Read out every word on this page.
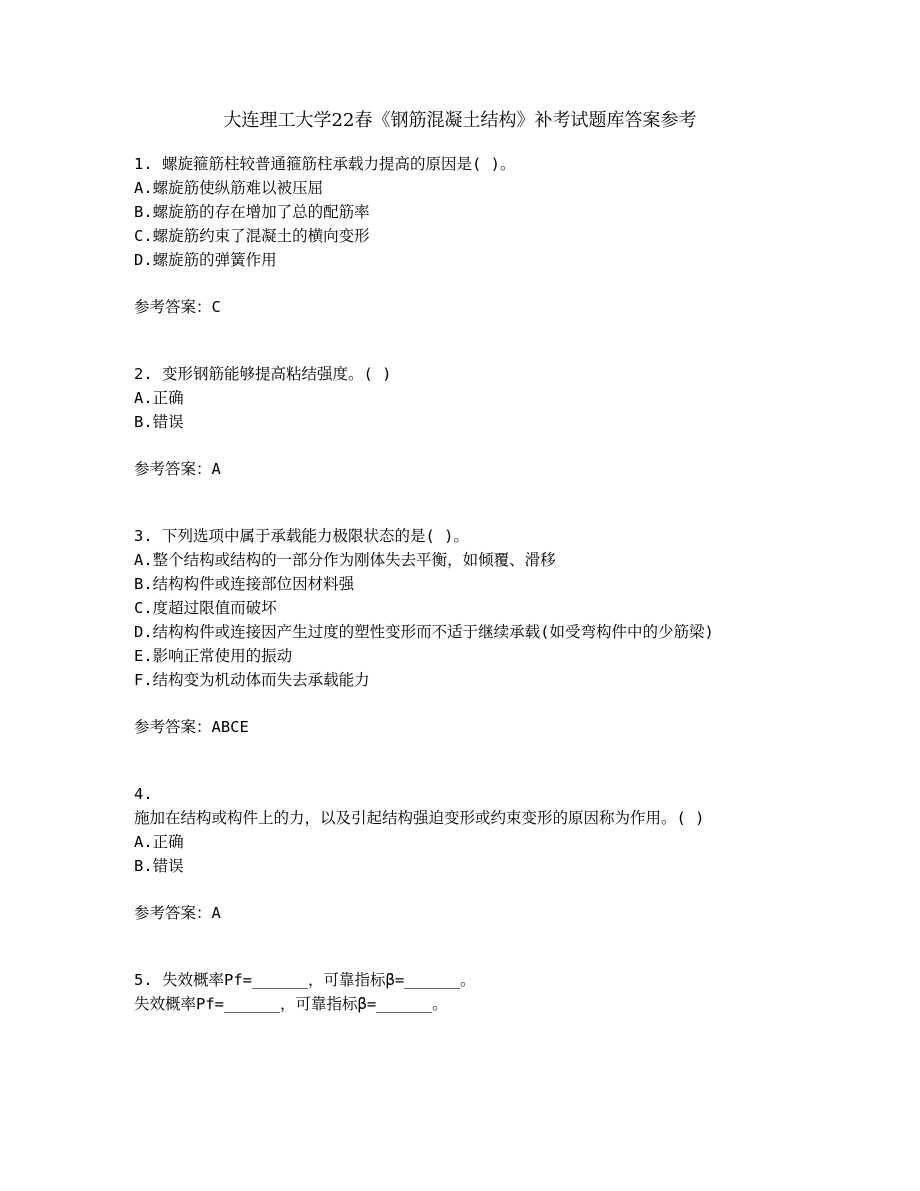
大连理工大学22春《钢筋混凝土结构》补考试题库答案参考

1. 螺旋箍筋柱较普通箍筋柱承载力提高的原因是( )。

A.螺旋筋使纵筋难以被压屈

B.螺旋筋的存在增加了总的配筋率

C.螺旋筋约束了混凝土的横向变形

D.螺旋筋的弹簧作用

参考答案：C

2. 变形钢筋能够提高粘结强度。( )

A.正确

B.错误

参考答案：A

3. 下列选项中属于承载能力极限状态的是( )。

A.整个结构或结构的一部分作为刚体失去平衡，如倾覆、滑移

B.结构构件或连接部位因材料强

C.度超过限值而破坏

D.结构构件或连接因产生过度的塑性变形而不适于继续承载(如受弯构件中的少筋梁)

E.影响正常使用的振动

F.结构变为机动体而失去承载能力

参考答案：ABCE

4.

施加在结构或构件上的力，以及引起结构强迫变形或约束变形的原因称为作用。( )

A.正确

B.错误

参考答案：A

5. 失效概率Pf=______，可靠指标β=______。

失效概率Pf=______，可靠指标β=______。
